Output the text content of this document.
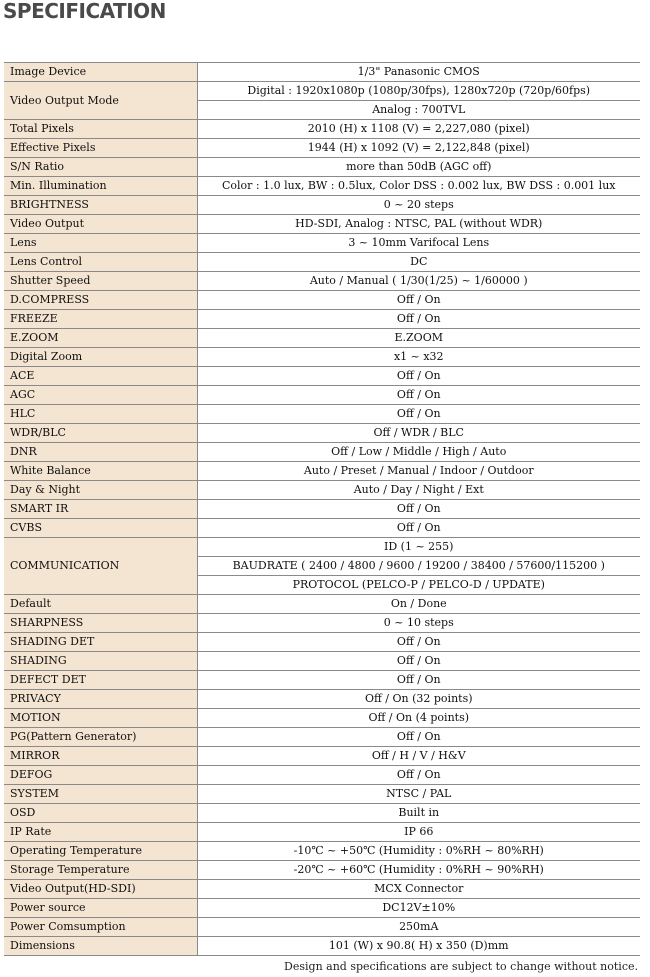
SPECIFICATION
Image Device	1/3" Panasonic CMOS
Video Output Mode	Digital : 1920x1080p (1080p/30fps), 1280x720p (720p/60fps)
	Analog : 700TVL
Total Pixels	2010 (H) x 1108 (V) = 2,227,080 (pixel)
Effective Pixels	1944 (H) x 1092 (V) = 2,122,848 (pixel)
S/N Ratio	more than 50dB (AGC off)
Min. Illumination	Color : 1.0 lux, BW : 0.5lux, Color DSS : 0.002 lux, BW DSS : 0.001 lux
BRIGHTNESS	0 ~ 20 steps
Video Output	HD-SDI, Analog : NTSC, PAL (without WDR)
Lens	3 ~ 10mm Varifocal Lens
Lens Control	DC
Shutter Speed	Auto / Manual ( 1/30(1/25) ~ 1/60000 )
D.COMPRESS	Off / On
FREEZE	Off / On
E.ZOOM	E.ZOOM
Digital Zoom	x1 ~ x32
ACE	Off / On
AGC	Off / On
HLC	Off / On
WDR/BLC	Off / WDR / BLC
DNR	Off / Low / Middle / High / Auto
White Balance	Auto / Preset / Manual / Indoor / Outdoor
Day & Night	Auto / Day / Night / Ext
SMART IR	Off / On
CVBS	Off / On
COMMUNICATION	ID (1 ~ 255)
	BAUDRATE ( 2400 / 4800 / 9600 / 19200 / 38400 / 57600/115200 )
	PROTOCOL (PELCO-P / PELCO-D / UPDATE)
Default	On / Done
SHARPNESS	0 ~ 10 steps
SHADING DET	Off / On
SHADING	Off / On
DEFECT DET	Off / On
PRIVACY	Off / On (32 points)
MOTION	Off / On (4 points)
PG(Pattern Generator)	Off / On
MIRROR	Off / H / V / H&V
DEFOG	Off / On
SYSTEM	NTSC / PAL
OSD	Built in
IP Rate	IP 66
Operating Temperature	-10℃ ~ +50℃ (Humidity : 0%RH ~ 80%RH)
Storage Temperature	-20℃ ~ +60℃ (Humidity : 0%RH ~ 90%RH)
Video Output(HD-SDI)	MCX Connector
Power source	DC12V±10%
Power Comsumption	250mA
Dimensions	101 (W) x 90.8( H) x 350 (D)mm
Design and specifications are subject to change without notice.
